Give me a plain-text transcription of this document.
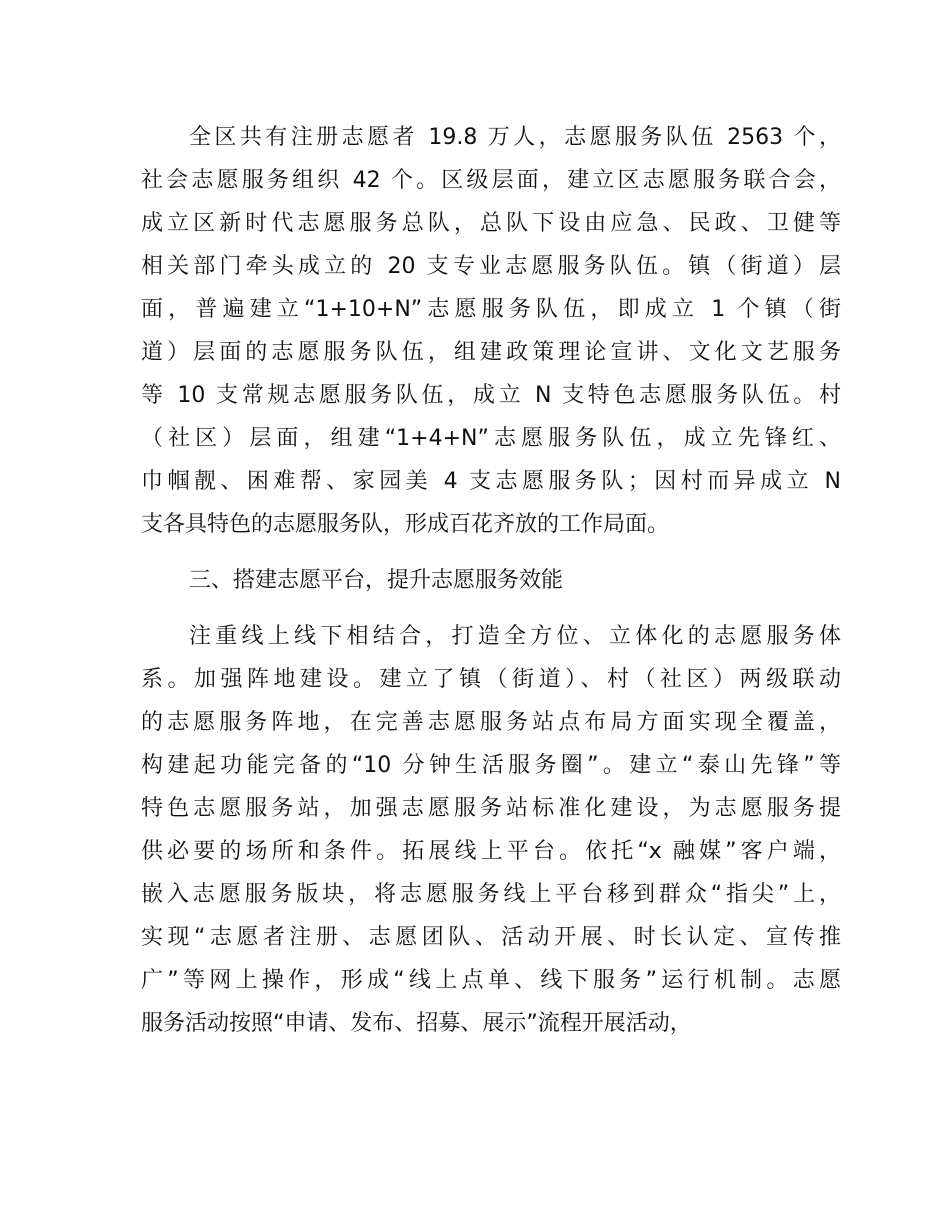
全区共有注册志愿者 19.8 万人，志愿服务队伍 2563 个，
社会志愿服务组织 42 个。区级层面，建立区志愿服务联合会，
成立区新时代志愿服务总队，总队下设由应急、民政、卫健等
相关部门牵头成立的 20 支专业志愿服务队伍。镇（街道）层
面，普遍建立“1+10+N”志愿服务队伍，即成立 1 个镇（街
道）层面的志愿服务队伍，组建政策理论宣讲、文化文艺服务
等 10 支常规志愿服务队伍，成立 N 支特色志愿服务队伍。村
（社区）层面，组建“1+4+N”志愿服务队伍，成立先锋红、
巾帼靓、困难帮、家园美 4 支志愿服务队；因村而异成立 N
支各具特色的志愿服务队，形成百花齐放的工作局面。
三、搭建志愿平台，提升志愿服务效能
注重线上线下相结合，打造全方位、立体化的志愿服务体
系。加强阵地建设。建立了镇（街道）、村（社区）两级联动
的志愿服务阵地，在完善志愿服务站点布局方面实现全覆盖，
构建起功能完备的“10 分钟生活服务圈”。建立“泰山先锋”等
特色志愿服务站，加强志愿服务站标准化建设，为志愿服务提
供必要的场所和条件。拓展线上平台。依托“x 融媒”客户端，
嵌入志愿服务版块，将志愿服务线上平台移到群众“指尖”上，
实现“志愿者注册、志愿团队、活动开展、时长认定、宣传推
广”等网上操作，形成“线上点单、线下服务”运行机制。志愿
服务活动按照“申请、发布、招募、展示”流程开展活动，
